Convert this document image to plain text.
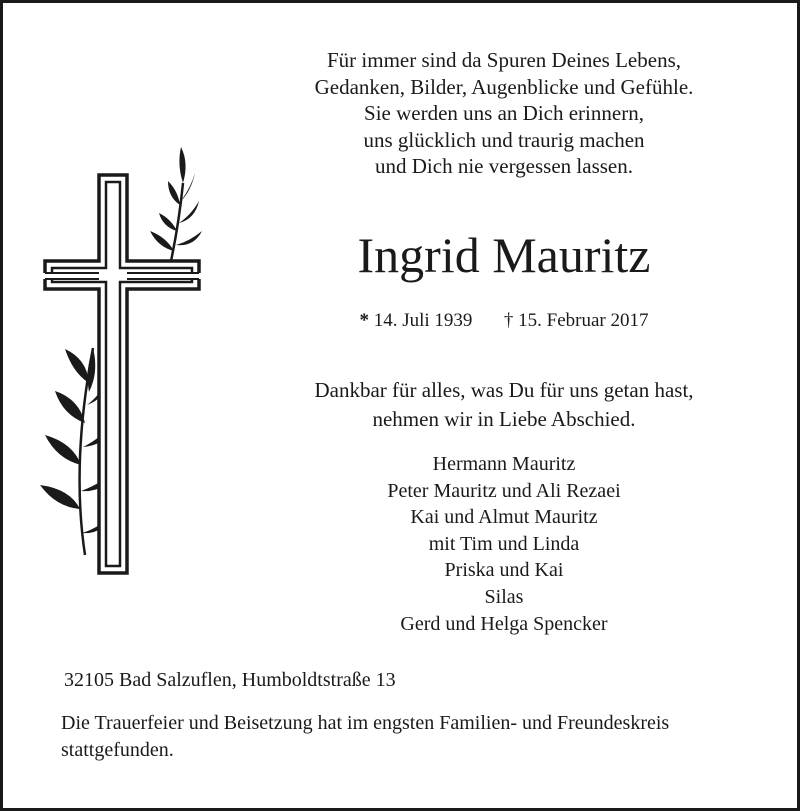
Für immer sind da Spuren Deines Lebens,
Gedanken, Bilder, Augenblicke und Gefühle.
Sie werden uns an Dich erinnern,
uns glücklich und traurig machen
und Dich nie vergessen lassen.
Ingrid Mauritz
* 14. Juli 1939 † 15. Februar 2017
Dankbar für alles, was Du für uns getan hast,
nehmen wir in Liebe Abschied.
Hermann Mauritz
Peter Mauritz und Ali Rezaei
Kai und Almut Mauritz
mit Tim und Linda
Priska und Kai
Silas
Gerd und Helga Spencker
32105 Bad Salzuflen, Humboldtstraße 13
Die Trauerfeier und Beisetzung hat im engsten Familien- und Freundeskreis stattgefunden.
